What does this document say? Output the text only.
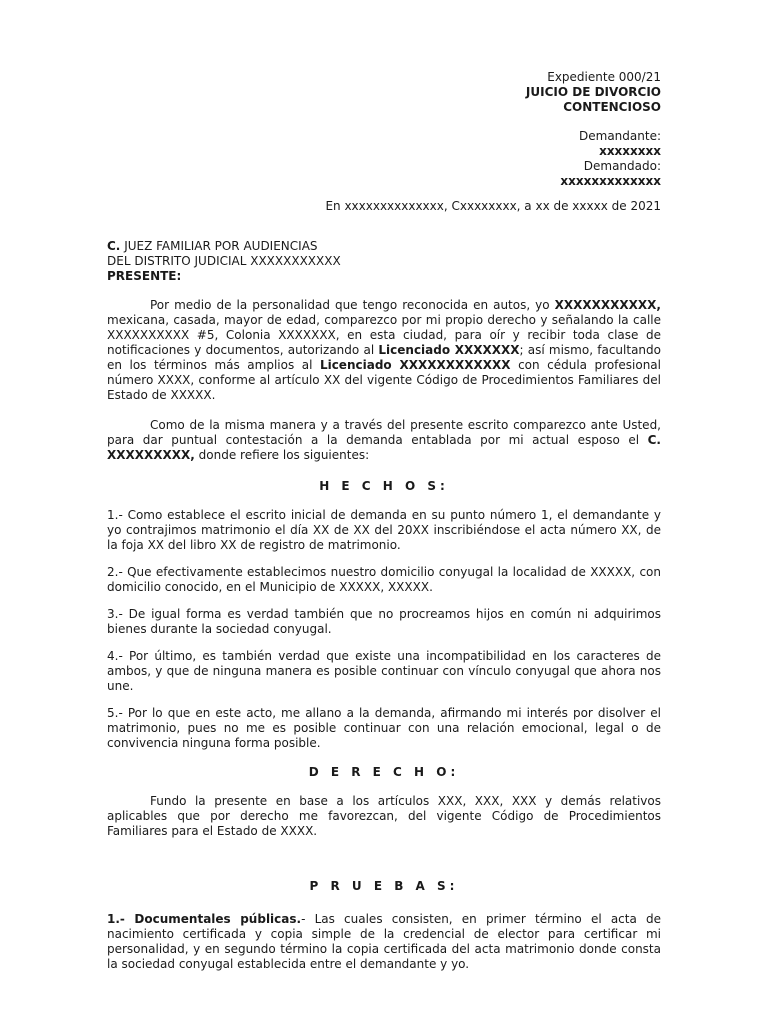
Expediente 000/21
JUICIO DE DIVORCIO
CONTENCIOSO
Demandante:
xxxxxxxx
Demandado:
xxxxxxxxxxxxx
En xxxxxxxxxxxxxx, Cxxxxxxxx, a xx de xxxxx de 2021

C. JUEZ FAMILIAR POR AUDIENCIAS
DEL DISTRITO JUDICIAL XXXXXXXXXXX
PRESENTE:

Por medio de la personalidad que tengo reconocida en autos, yo XXXXXXXXXXX, mexicana, casada, mayor de edad, comparezco por mi propio derecho y señalando la calle XXXXXXXXXX #5, Colonia XXXXXXX, en esta ciudad, para oír y recibir toda clase de notificaciones y documentos, autorizando al Licenciado XXXXXXX; así mismo, facultando en los términos más amplios al Licenciado XXXXXXXXXXXX con cédula profesional número XXXX, conforme al artículo XX del vigente Código de Procedimientos Familiares del Estado de XXXXX.

Como de la misma manera y a través del presente escrito comparezco ante Usted, para dar puntual contestación a la demanda entablada por mi actual esposo el C. XXXXXXXXX, donde refiere los siguientes:

H E C H O S:

1.- Como establece el escrito inicial de demanda en su punto número 1, el demandante y yo contrajimos matrimonio el día XX de XX del 20XX inscribiéndose el acta número XX, de la foja XX del libro XX de registro de matrimonio.

2.- Que efectivamente establecimos nuestro domicilio conyugal la localidad de XXXXX, con domicilio conocido, en el Municipio de XXXXX, XXXXX.

3.- De igual forma es verdad también que no procreamos hijos en común ni adquirimos bienes durante la sociedad conyugal.

4.- Por último, es también verdad que existe una incompatibilidad en los caracteres de ambos, y que de ninguna manera es posible continuar con vínculo conyugal que ahora nos une.

5.- Por lo que en este acto, me allano a la demanda, afirmando mi interés por disolver el matrimonio, pues no me es posible continuar con una relación emocional, legal o de convivencia ninguna forma posible.

D E R E C H O:

Fundo la presente en base a los artículos XXX, XXX, XXX y demás relativos aplicables que por derecho me favorezcan, del vigente Código de Procedimientos Familiares para el Estado de XXXX.

P R U E B A S:

1.- Documentales públicas.- Las cuales consisten, en primer término el acta de nacimiento certificada y copia simple de la credencial de elector para certificar mi personalidad, y en segundo término la copia certificada del acta matrimonio donde consta la sociedad conyugal establecida entre el demandante y yo.
